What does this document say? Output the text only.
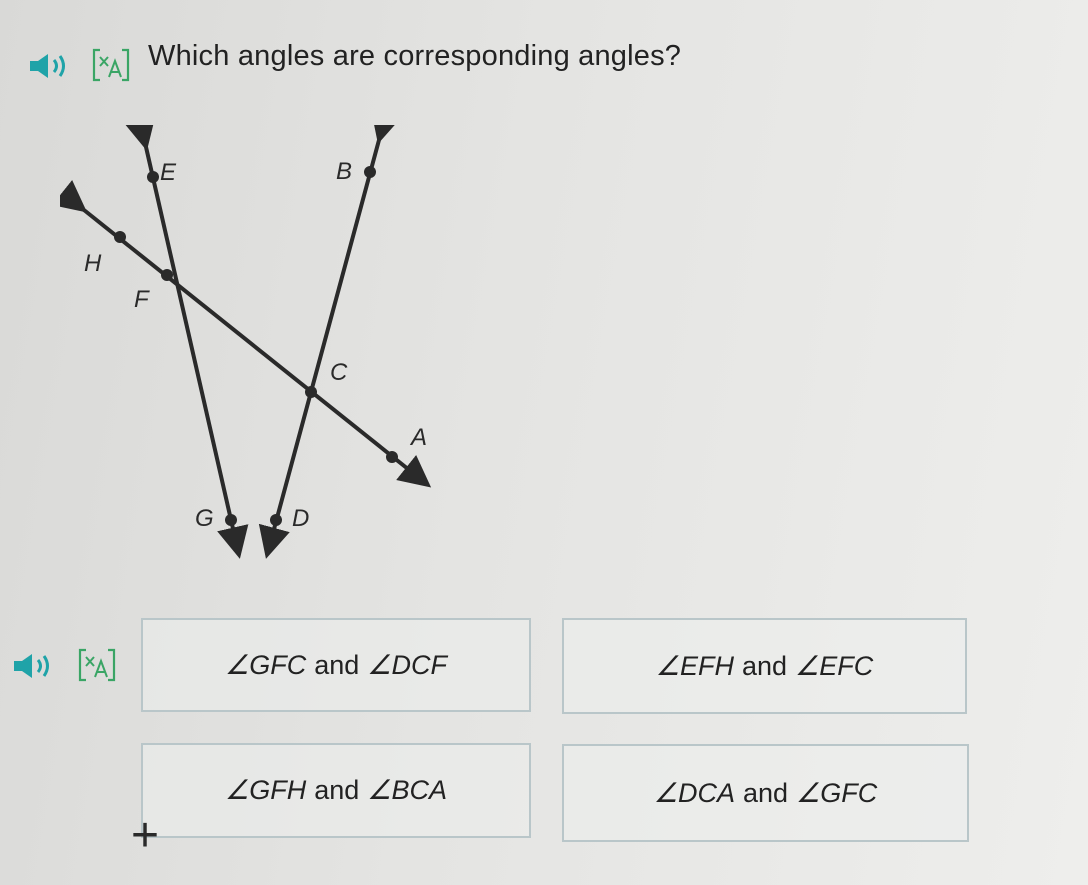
Which angles are corresponding angles?
E	B
H
F
C
A
G	D
∠GFC and ∠DCF	∠EFH and ∠EFC
∠GFH and ∠BCA	∠DCA and ∠GFC
+
